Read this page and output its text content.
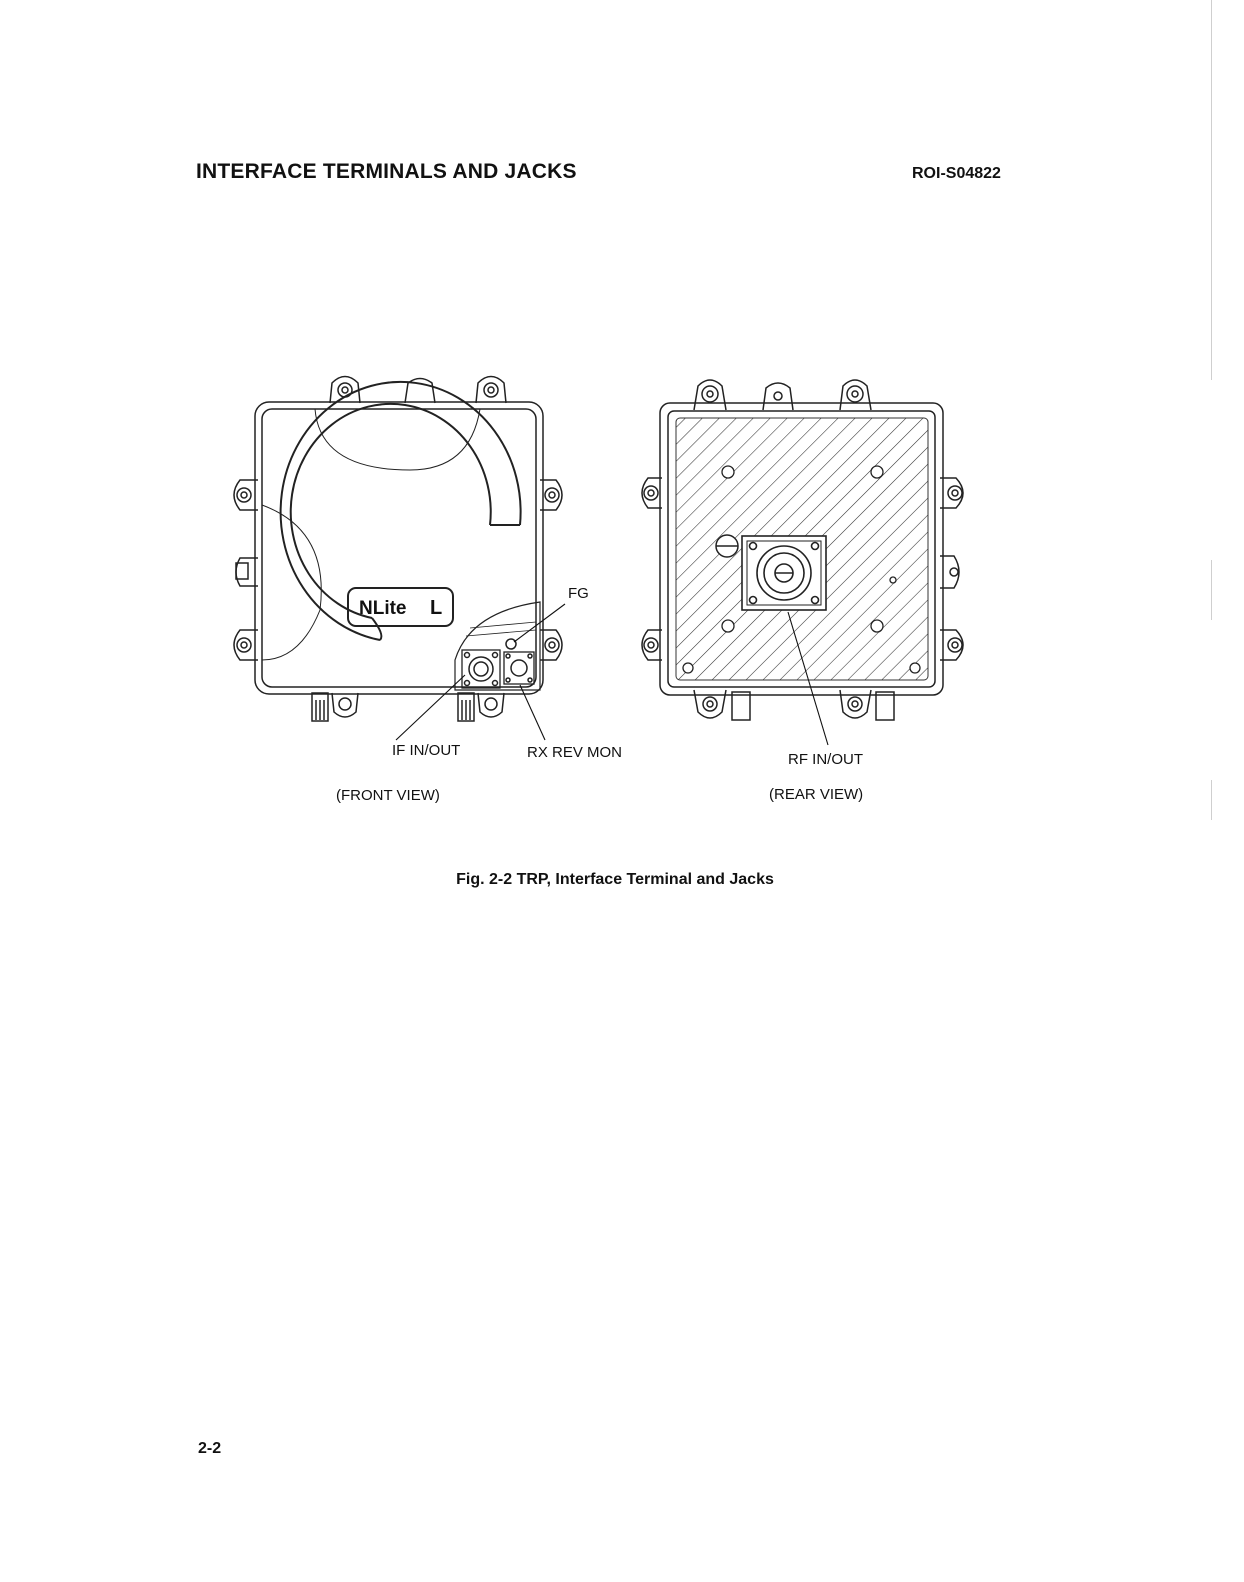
INTERFACE TERMINALS AND JACKS	ROI-S04822
NLite L
FG
IF IN/OUT	RX REV MON	RF IN/OUT
(FRONT VIEW)	(REAR VIEW)
Fig. 2-2 TRP, Interface Terminal and Jacks
2-2
